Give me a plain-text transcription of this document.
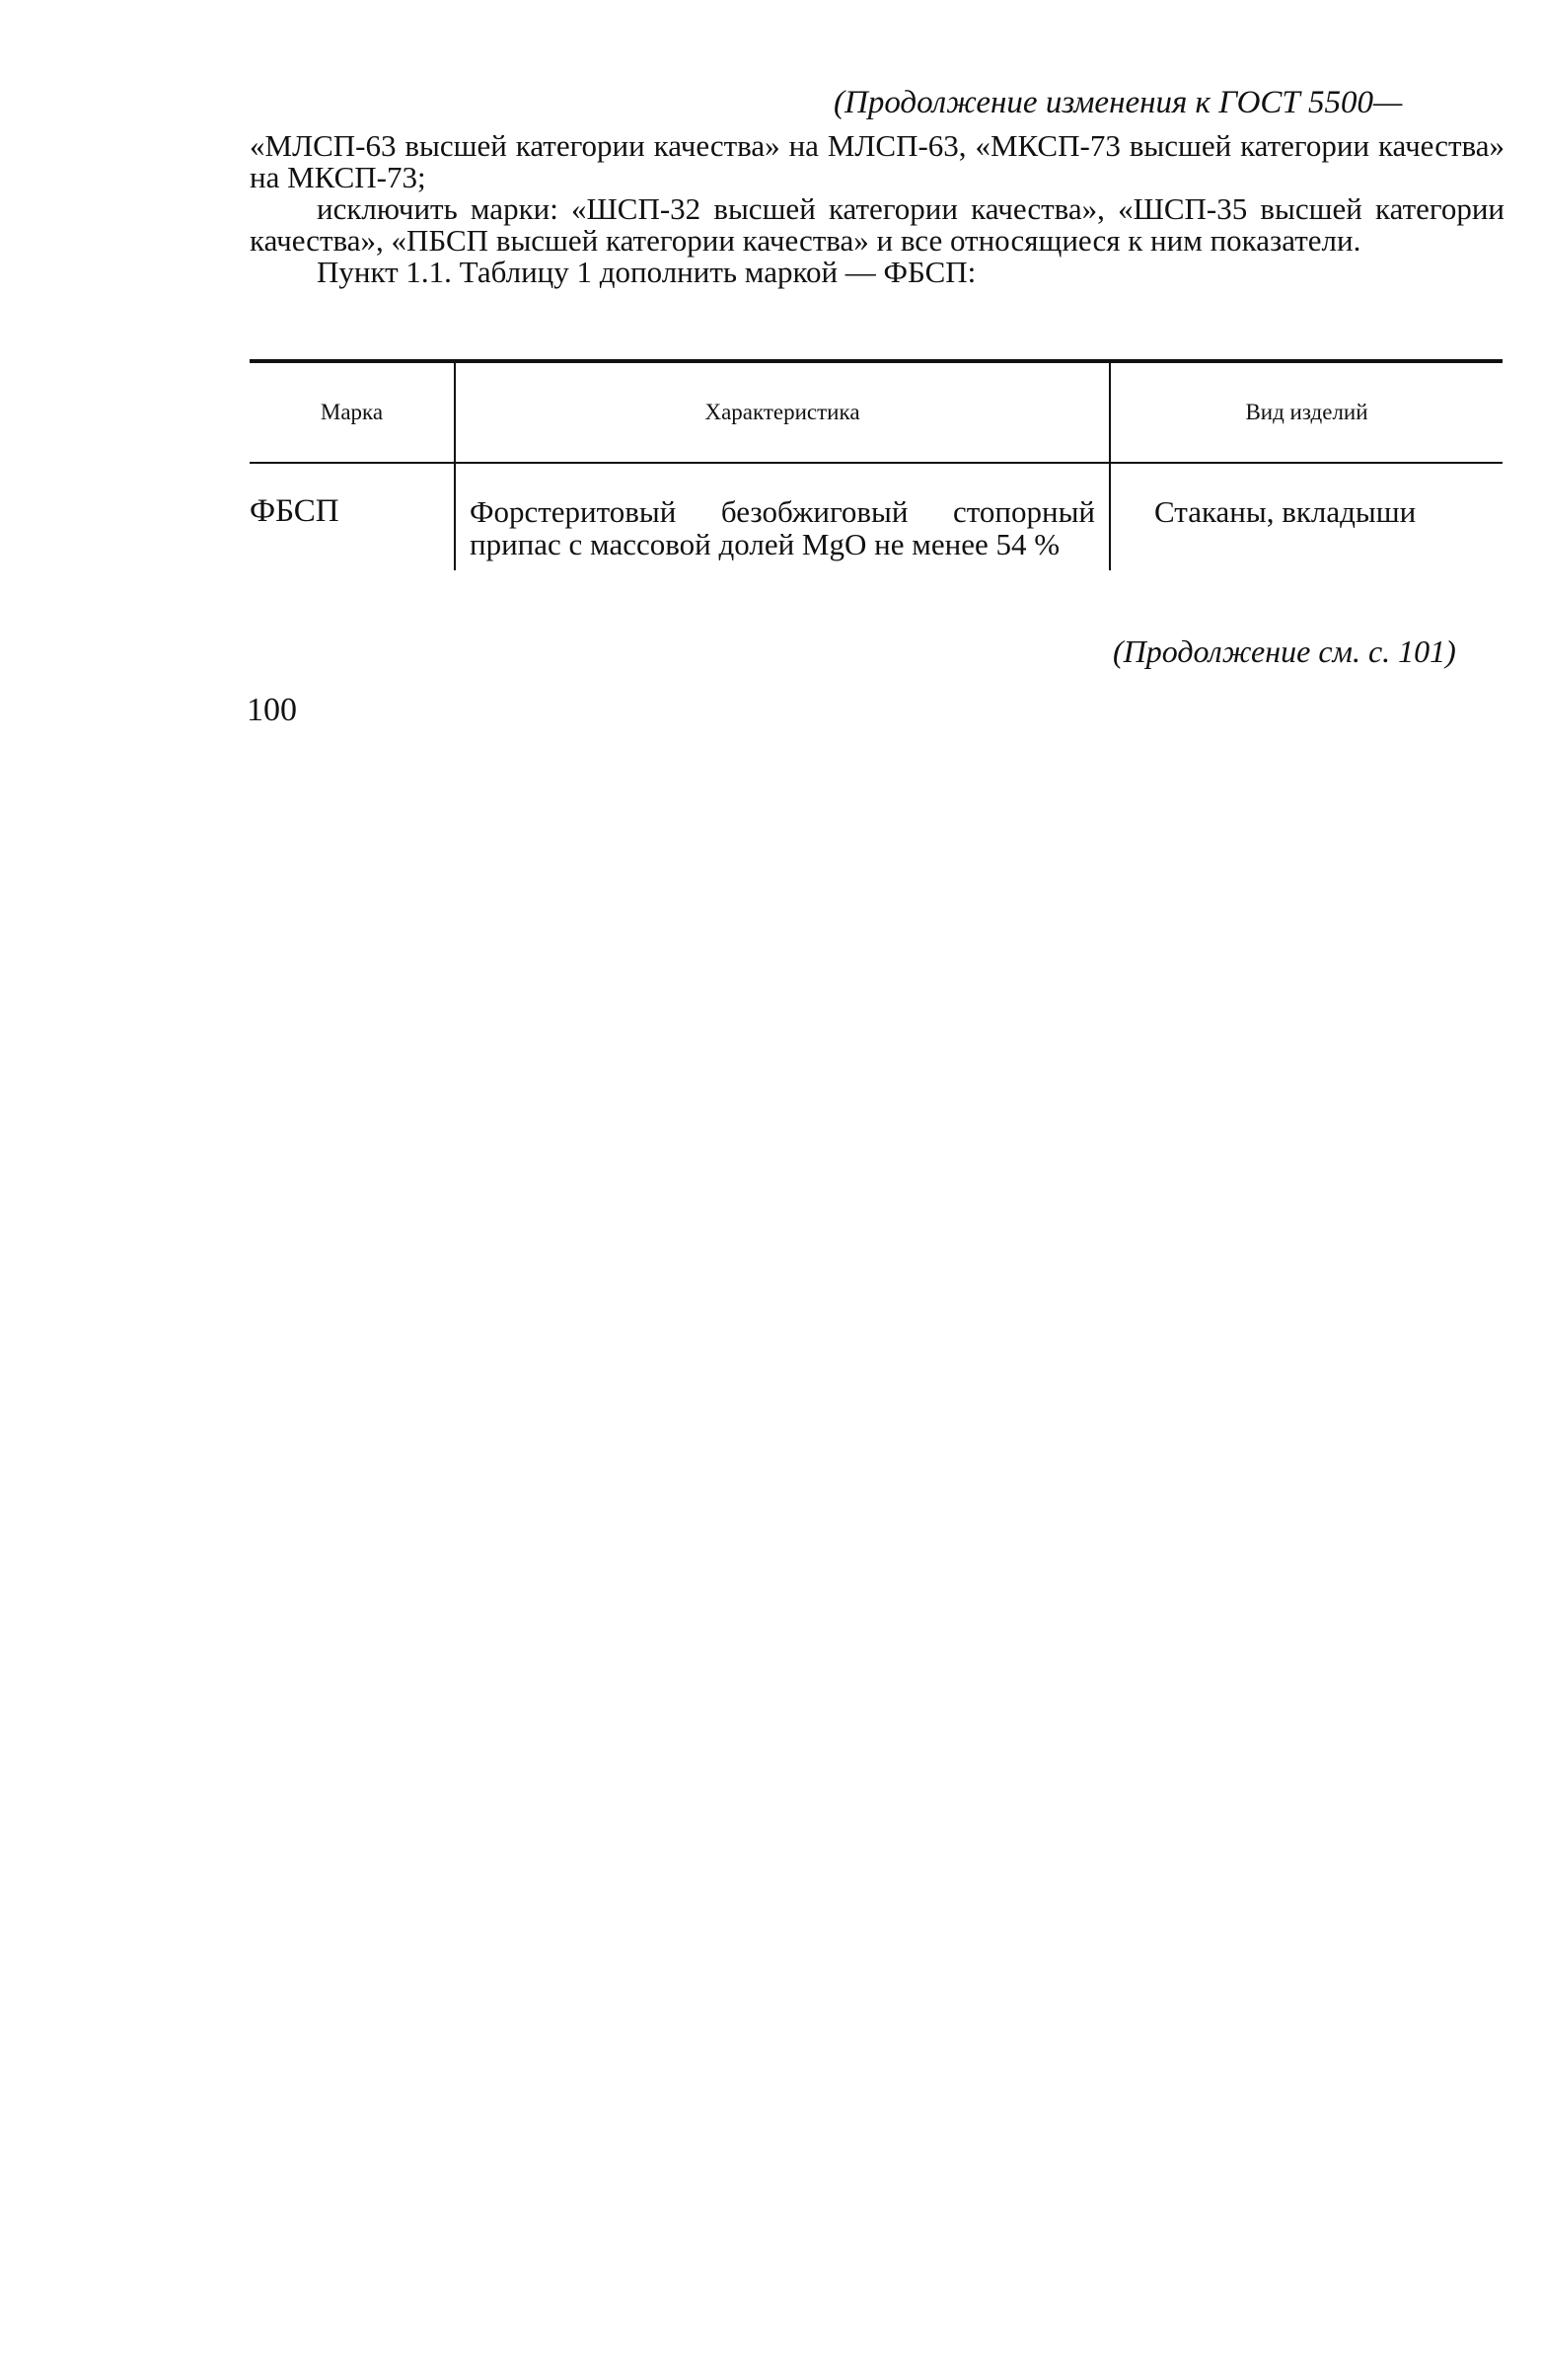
(Продолжение изменения к ГОСТ 5500—

«МЛСП-63 высшей категории качества» на МЛСП-63, «МКСП-73 высшей категории качества» на МКСП-73;

исключить марки: «ШСП-32 высшей категории качества», «ШСП-35 высшей категории качества», «ПБСП высшей категории качества» и все относящиеся к ним показатели.

Пункт 1.1. Таблицу 1 дополнить маркой — ФБСП:

Марка	Характеристика	Вид изделий
ФБСП	Форстеритовый безобжиговый стопорный припас с массовой долей MgO не менее 54 %	Стаканы, вкладыши
(Продолжение см. с. 101)
100
